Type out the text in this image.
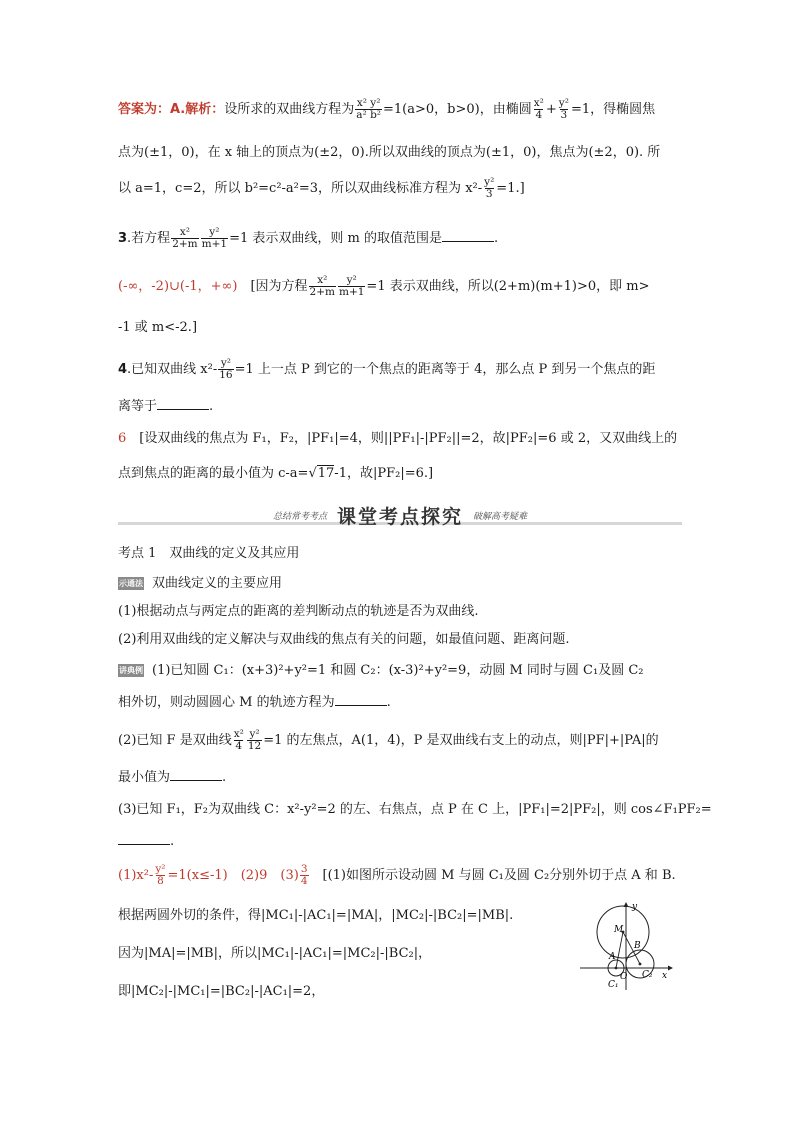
答案为：A.解析：设所求的双曲线方程为 $\frac{\text{x² y²}}{\text{a² b²}} =1(a>0$，b>0)，由椭圆 $\frac{\text{x²}}{4} + \frac{\text{y²}}{3} =1$，得椭圆焦
点为(±1，0)，在 x 轴上的顶点为(±2，0).所以双曲线的顶点为(±1，0)，焦点为(±2，0). 所
以 a=1，c=2，所以 b²=c²-a²=3，所以双曲线标准方程为 $x^2- \frac{\text{y²}}{3} =1$.]
3.若方程 $\frac{\text{x²}}{2+m} \frac{\text{y²}}{m+1} =1$ 表示双曲线，则 m 的取值范围是	.
(-∞，-2)∪(-1，+∞)　 [因为方程 $\frac{\text{x²}}{2+m} \frac{\text{y²}}{m+1} =1$ 表示双曲线，所以(2+m)(m+1)>0，即 m>
-1 或 m<-2.]
4.已知双曲线 $x^2- \frac{\text{y²}}{16} =1$ 上一点 P 到它的一个焦点的距离等于 4，那么点 P 到另一个焦点的距
离等于	.
6　 [设双曲线的焦点为 F₁，F₂，|PF₁|=4，则||PF₁|-|PF₂||=2，故|PF₂|=6 或 2，又双曲线上的
点到焦点的距离的最小值为 c-a=√17-1，故|PF₂|=6.]
总结常考考点 课堂考点探究 破解高考疑难
考点 1　双曲线的定义及其应用
示通法 双曲线定义的主要应用
(1)根据动点与两定点的距离的差判断动点的轨迹是否为双曲线.
(2)利用双曲线的定义解决与双曲线的焦点有关的问题，如最值问题、距离问题.
讲典例 (1)已知圆 C₁：(x+3)²+y²=1 和圆 C₂：(x-3)²+y²=9，动圆 M 同时与圆 C₁及圆 C₂
相外切，则动圆圆心 M 的轨迹方程为	.
(2)已知 F 是双曲线 $\frac{\text{x²}}{4} \frac{\text{y²}}{12} =1$ 的左焦点，A(1，4)，P 是双曲线右支上的动点，则|PF|+|PA|的
最小值为	.
(3)已知 F₁，F₂为双曲线 C：x²-y²=2 的左、右焦点，点 P 在 C 上，|PF₁|=2|PF₂|，则 cos∠F₁PF₂=
.
$(1)x^2- \frac{\text{y²}}{8} =1(x\le-1)$　(2)9　$(3) \frac{3}{4}$
　 [(1)如图所示设动圆 M 与圆 C₁及圆 C₂分别外切于点 A 和 B.
根据两圆外切的条件，得|MC₁|-|AC₁|=|MA|，|MC₂|-|BC₂|=|MB|.
因为|MA|=|MB|，所以|MC₁|-|AC₁|=|MC₂|-|BC₂|，
即|MC₂|-|MC₁|=|BC₂|-|AC₁|=2，
y
x
M
B
A
O C₂
C₁
